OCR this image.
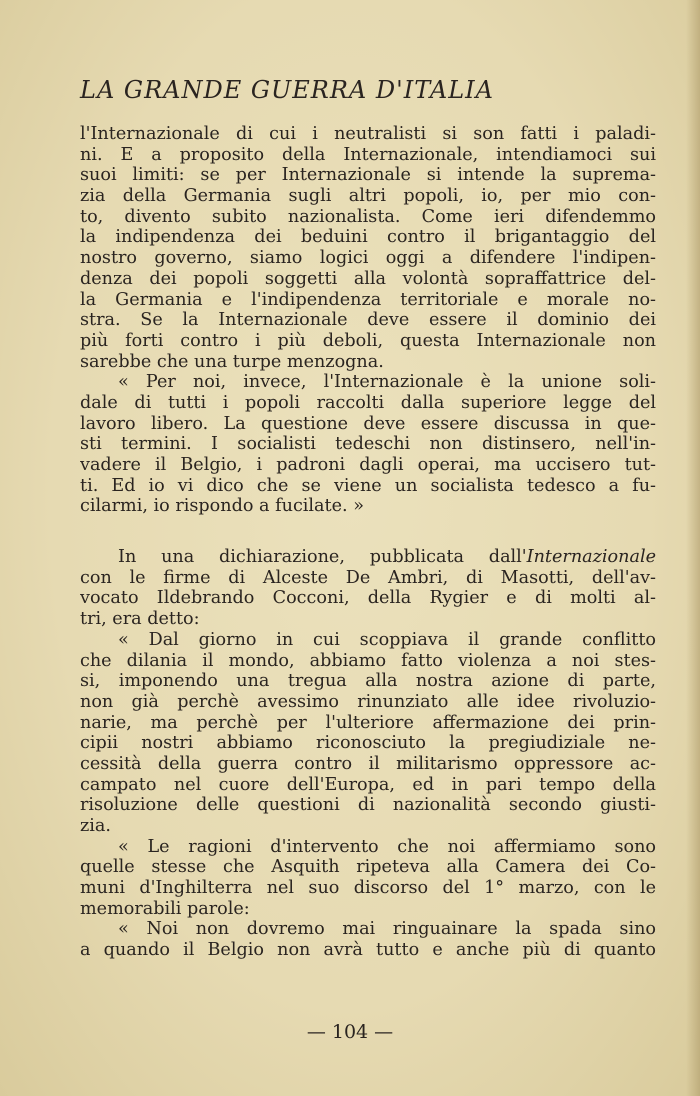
LA GRANDE GUERRA D'ITALIA
l'Internazionale di cui i neutralisti si son fatti i paladi-
ni. E a proposito della Internazionale, intendiamoci sui
suoi limiti: se per Internazionale si intende la suprema-
zia della Germania sugli altri popoli, io, per mio con-
to, divento subito nazionalista. Come ieri difendemmo
la indipendenza dei beduini contro il brigantaggio del
nostro governo, siamo logici oggi a difendere l'indipen-
denza dei popoli soggetti alla volontà sopraffattrice del-
la Germania e l'indipendenza territoriale e morale no-
stra. Se la Internazionale deve essere il dominio dei
più forti contro i più deboli, questa Internazionale non
sarebbe che una turpe menzogna.
« Per noi, invece, l'Internazionale è la unione soli-
dale di tutti i popoli raccolti dalla superiore legge del
lavoro libero. La questione deve essere discussa in que-
sti termini. I socialisti tedeschi non distinsero, nell'in-
vadere il Belgio, i padroni dagli operai, ma uccisero tut-
ti. Ed io vi dico che se viene un socialista tedesco a fu-
cilarmi, io rispondo a fucilate. »
In una dichiarazione, pubblicata dall'Internazionale
con le firme di Alceste De Ambri, di Masotti, dell'av-
vocato Ildebrando Cocconi, della Rygier e di molti al-
tri, era detto:
« Dal giorno in cui scoppiava il grande conflitto
che dilania il mondo, abbiamo fatto violenza a noi stes-
si, imponendo una tregua alla nostra azione di parte,
non già perchè avessimo rinunziato alle idee rivoluzio-
narie, ma perchè per l'ulteriore affermazione dei prin-
cipii nostri abbiamo riconosciuto la pregiudiziale ne-
cessità della guerra contro il militarismo oppressore ac-
campato nel cuore dell'Europa, ed in pari tempo della
risoluzione delle questioni di nazionalità secondo giusti-
zia.
« Le ragioni d'intervento che noi affermiamo sono
quelle stesse che Asquith ripeteva alla Camera dei Co-
muni d'Inghilterra nel suo discorso del 1° marzo, con le
memorabili parole:
« Noi non dovremo mai ringuainare la spada sino
a quando il Belgio non avrà tutto e anche più di quanto
— 104 —
